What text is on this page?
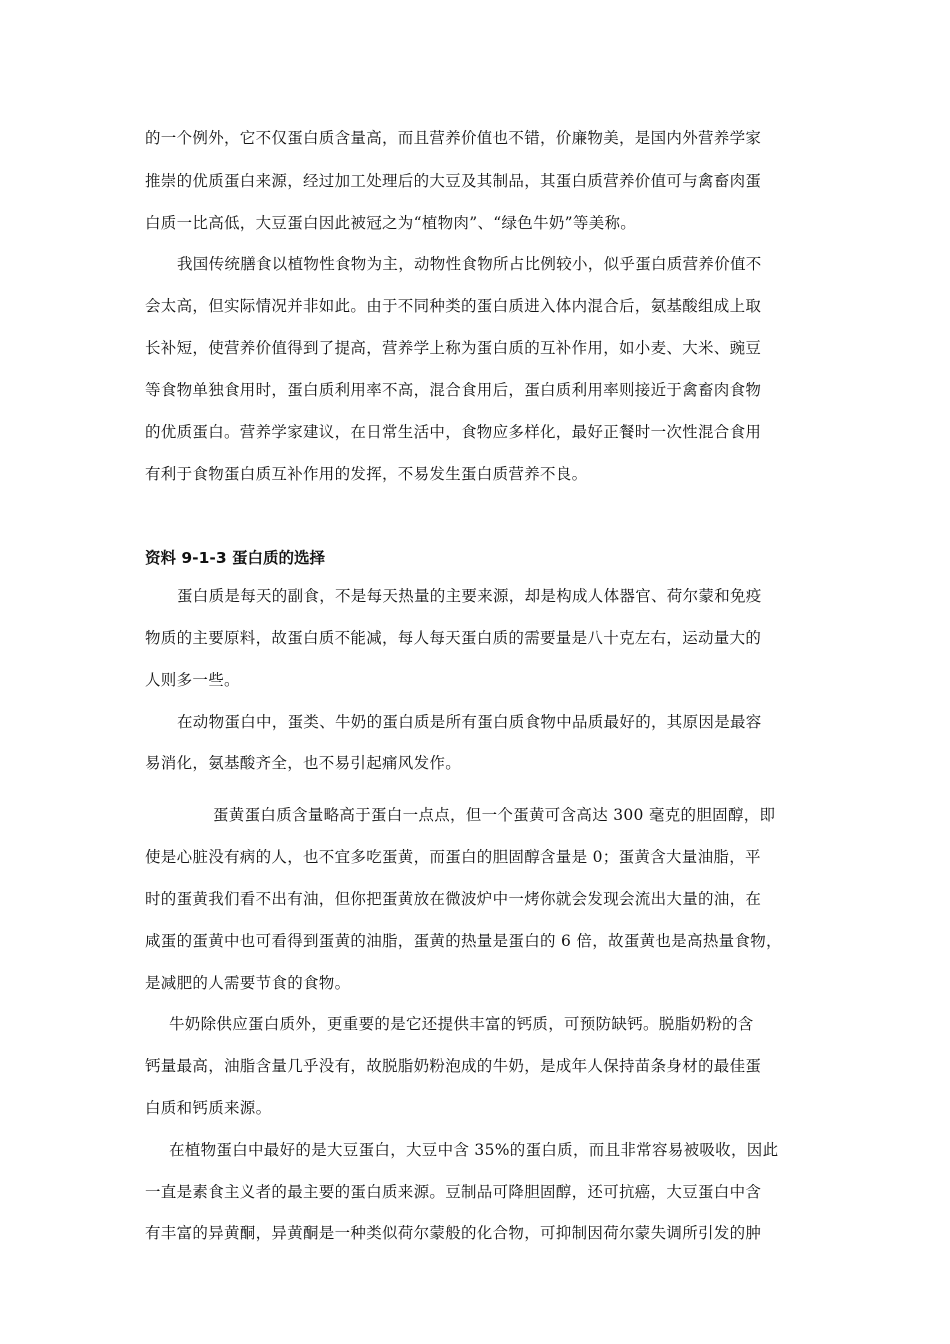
的一个例外，它不仅蛋白质含量高，而且营养价值也不错，价廉物美，是国内外营养学家
推崇的优质蛋白来源，经过加工处理后的大豆及其制品，其蛋白质营养价值可与禽畜肉蛋
白质一比高低，大豆蛋白因此被冠之为“植物肉”、“绿色牛奶”等美称。
我国传统膳食以植物性食物为主，动物性食物所占比例较小，似乎蛋白质营养价值不
会太高，但实际情况并非如此。由于不同种类的蛋白质进入体内混合后，氨基酸组成上取
长补短，使营养价值得到了提高，营养学上称为蛋白质的互补作用，如小麦、大米、豌豆
等食物单独食用时，蛋白质利用率不高，混合食用后，蛋白质利用率则接近于禽畜肉食物
的优质蛋白。营养学家建议，在日常生活中，食物应多样化，最好正餐时一次性混合食用
有利于食物蛋白质互补作用的发挥，不易发生蛋白质营养不良。
资料 9-1-3 蛋白质的选择
蛋白质是每天的副食，不是每天热量的主要来源，却是构成人体器官、荷尔蒙和免疫
物质的主要原料，故蛋白质不能减，每人每天蛋白质的需要量是八十克左右，运动量大的
人则多一些。
在动物蛋白中，蛋类、牛奶的蛋白质是所有蛋白质食物中品质最好的，其原因是最容
易消化，氨基酸齐全，也不易引起痛风发作。
蛋黄蛋白质含量略高于蛋白一点点，但一个蛋黄可含高达 300 毫克的胆固醇，即
使是心脏没有病的人，也不宜多吃蛋黄，而蛋白的胆固醇含量是 0；蛋黄含大量油脂，平
时的蛋黄我们看不出有油，但你把蛋黄放在微波炉中一烤你就会发现会流出大量的油，在
咸蛋的蛋黄中也可看得到蛋黄的油脂，蛋黄的热量是蛋白的 6 倍，故蛋黄也是高热量食物，
是减肥的人需要节食的食物。
牛奶除供应蛋白质外，更重要的是它还提供丰富的钙质，可预防缺钙。脱脂奶粉的含
钙量最高，油脂含量几乎没有，故脱脂奶粉泡成的牛奶，是成年人保持苗条身材的最佳蛋
白质和钙质来源。
在植物蛋白中最好的是大豆蛋白，大豆中含 35%的蛋白质，而且非常容易被吸收，因此
一直是素食主义者的最主要的蛋白质来源。豆制品可降胆固醇，还可抗癌，大豆蛋白中含
有丰富的异黄酮，异黄酮是一种类似荷尔蒙般的化合物，可抑制因荷尔蒙失调所引发的肿
